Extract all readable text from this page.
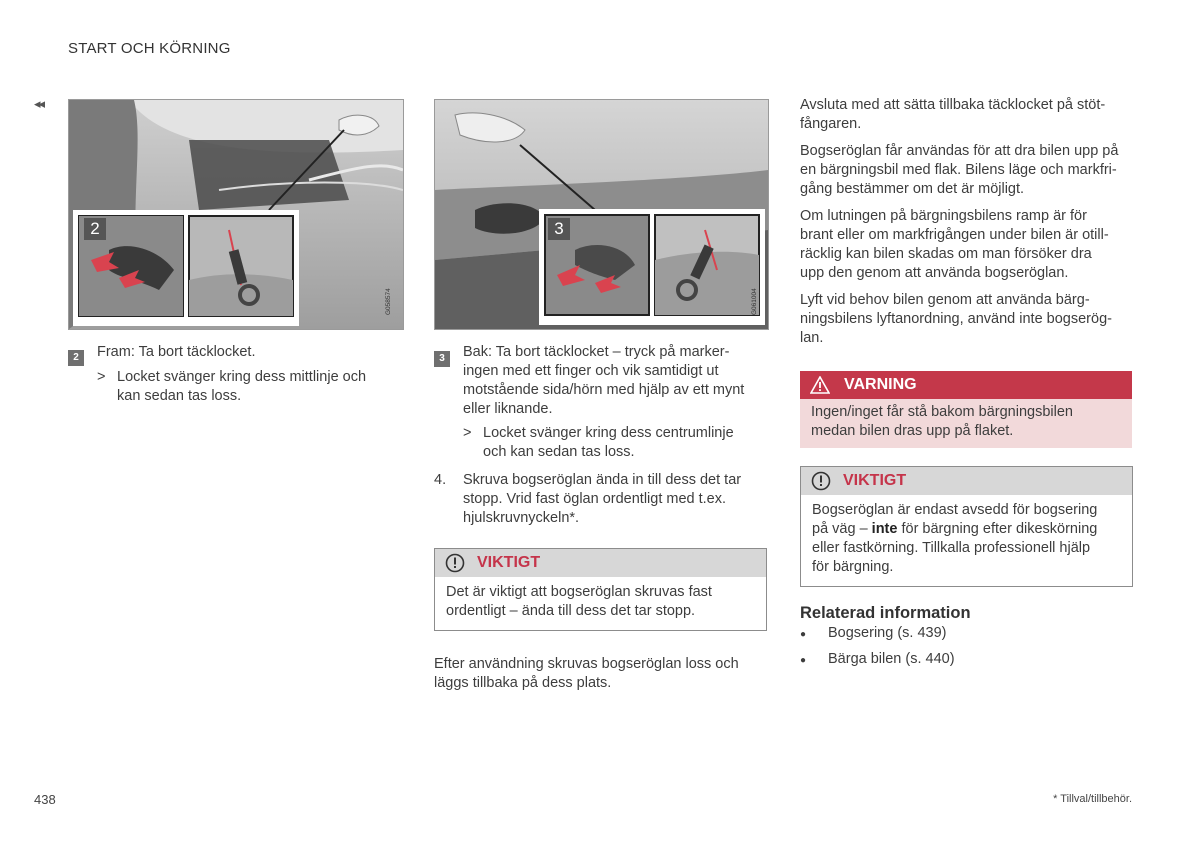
START OCH KÖRNING
◂◂
2
G058574
3
G061004
2	Fram: Ta bort täcklocket.
> Locket svänger kring dess mittlinje och
kan sedan tas loss.
3	Bak: Ta bort täcklocket – tryck på marker-
ingen med ett finger och vik samtidigt ut
motstående sida/hörn med hjälp av ett mynt
eller liknande.
> Locket svänger kring dess centrumlinje
och kan sedan tas loss.
4.	Skruva bogseröglan ända in till dess det tar
stopp. Vrid fast öglan ordentligt med t.ex.
hjulskruvnyckeln*.
VIKTIGT
Det är viktigt att bogseröglan skruvas fast
ordentligt – ända till dess det tar stopp.
Efter användning skruvas bogseröglan loss och
läggs tillbaka på dess plats.
Avsluta med att sätta tillbaka täcklocket på stöt-
fångaren.
Bogseröglan får användas för att dra bilen upp på
en bärgningsbil med flak. Bilens läge och markfri-
gång bestämmer om det är möjligt.
Om lutningen på bärgningsbilens ramp är för
brant eller om markfrigången under bilen är otill-
räcklig kan bilen skadas om man försöker dra
upp den genom att använda bogseröglan.
Lyft vid behov bilen genom att använda bärg-
ningsbilens lyftanordning, använd inte bogserög-
lan.
VARNING
Ingen/inget får stå bakom bärgningsbilen
medan bilen dras upp på flaket.
VIKTIGT
Bogseröglan är endast avsedd för bogsering
på väg – inte för bärgning efter dikeskörning
eller fastkörning. Tillkalla professionell hjälp
för bärgning.
Relaterad information
● Bogsering (s. 439)
● Bärga bilen (s. 440)
438	* Tillval/tillbehör.
